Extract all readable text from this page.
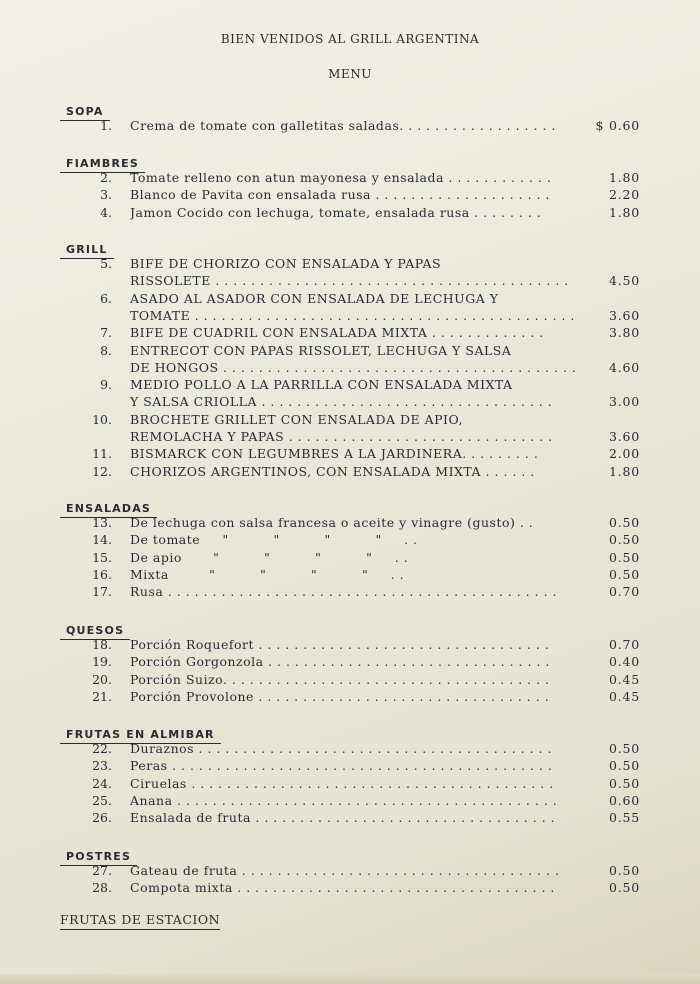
BIEN VENIDOS AL GRILL ARGENTINA
MENU
SOPA
1. Crema de tomate con galletitas saladas. . . . . . . . . . . . . . . . . .	$ 0.60
FIAMBRES
2. Tomate relleno con atun mayonesa y ensalada . . . . . . . . . . . .	1.80
3. Blanco de Pavita con ensalada rusa . . . . . . . . . . . . . . . . . . . .	2.20
4. Jamon Cocido con lechuga, tomate, ensalada rusa . . . . . . . .	1.80
GRILL
5. BIFE DE CHORIZO CON ENSALADA Y PAPAS
RISSOLETE . . . . . . . . . . . . . . . . . . . . . . . . . . . . . . . . . . . . . . . .	4.50
6. ASADO AL ASADOR CON ENSALADA DE LECHUGA Y
TOMATE . . . . . . . . . . . . . . . . . . . . . . . . . . . . . . . . . . . . . . . . . . .	3.60
7. BIFE DE CUADRIL CON ENSALADA MIXTA . . . . . . . . . . . . .	3.80
8. ENTRECOT CON PAPAS RISSOLET, LECHUGA Y SALSA
DE HONGOS . . . . . . . . . . . . . . . . . . . . . . . . . . . . . . . . . . . . . . . .	4.60
9. MEDIO POLLO A LA PARRILLA CON ENSALADA MIXTA
Y SALSA CRIOLLA . . . . . . . . . . . . . . . . . . . . . . . . . . . . . . . . .	3.00
10. BROCHETE GRILLET CON ENSALADA DE APIO,
REMOLACHA Y PAPAS . . . . . . . . . . . . . . . . . . . . . . . . . . . . . .	3.60
11. BISMARCK CON LEGUMBRES A LA JARDINERA. . . . . . . . .	2.00
12. CHORIZOS ARGENTINOS, CON ENSALADA MIXTA . . . . . .	1.80
ENSALADAS
13. De lechuga con salsa francesa o aceite y vinagre (gusto) . .	0.50
14. De tomate     "          "          "          "     . .	0.50
15. De apio       "          "          "          "     . .	0.50
16. Mixta         "          "          "          "     . .	0.50
17. Rusa . . . . . . . . . . . . . . . . . . . . . . . . . . . . . . . . . . . . . . . . . . . .	0.70
QUESOS
18. Porción Roquefort . . . . . . . . . . . . . . . . . . . . . . . . . . . . . . . . .	0.70
19. Porción Gorgonzola . . . . . . . . . . . . . . . . . . . . . . . . . . . . . . . .	0.40
20. Porción Suizo. . . . . . . . . . . . . . . . . . . . . . . . . . . . . . . . . . . . .	0.45
21. Porción Provolone . . . . . . . . . . . . . . . . . . . . . . . . . . . . . . . . .	0.45
FRUTAS EN ALMIBAR
22. Duraznos . . . . . . . . . . . . . . . . . . . . . . . . . . . . . . . . . . . . . . . .	0.50
23. Peras . . . . . . . . . . . . . . . . . . . . . . . . . . . . . . . . . . . . . . . . . . .	0.50
24. Ciruelas . . . . . . . . . . . . . . . . . . . . . . . . . . . . . . . . . . . . . . . . .	0.50
25. Anana . . . . . . . . . . . . . . . . . . . . . . . . . . . . . . . . . . . . . . . . . . .	0.60
26. Ensalada de fruta . . . . . . . . . . . . . . . . . . . . . . . . . . . . . . . . . .	0.55
POSTRES
27. Gateau de fruta . . . . . . . . . . . . . . . . . . . . . . . . . . . . . . . . . . . .	0.50
28. Compota mixta . . . . . . . . . . . . . . . . . . . . . . . . . . . . . . . . . . . .	0.50
FRUTAS DE ESTACION
